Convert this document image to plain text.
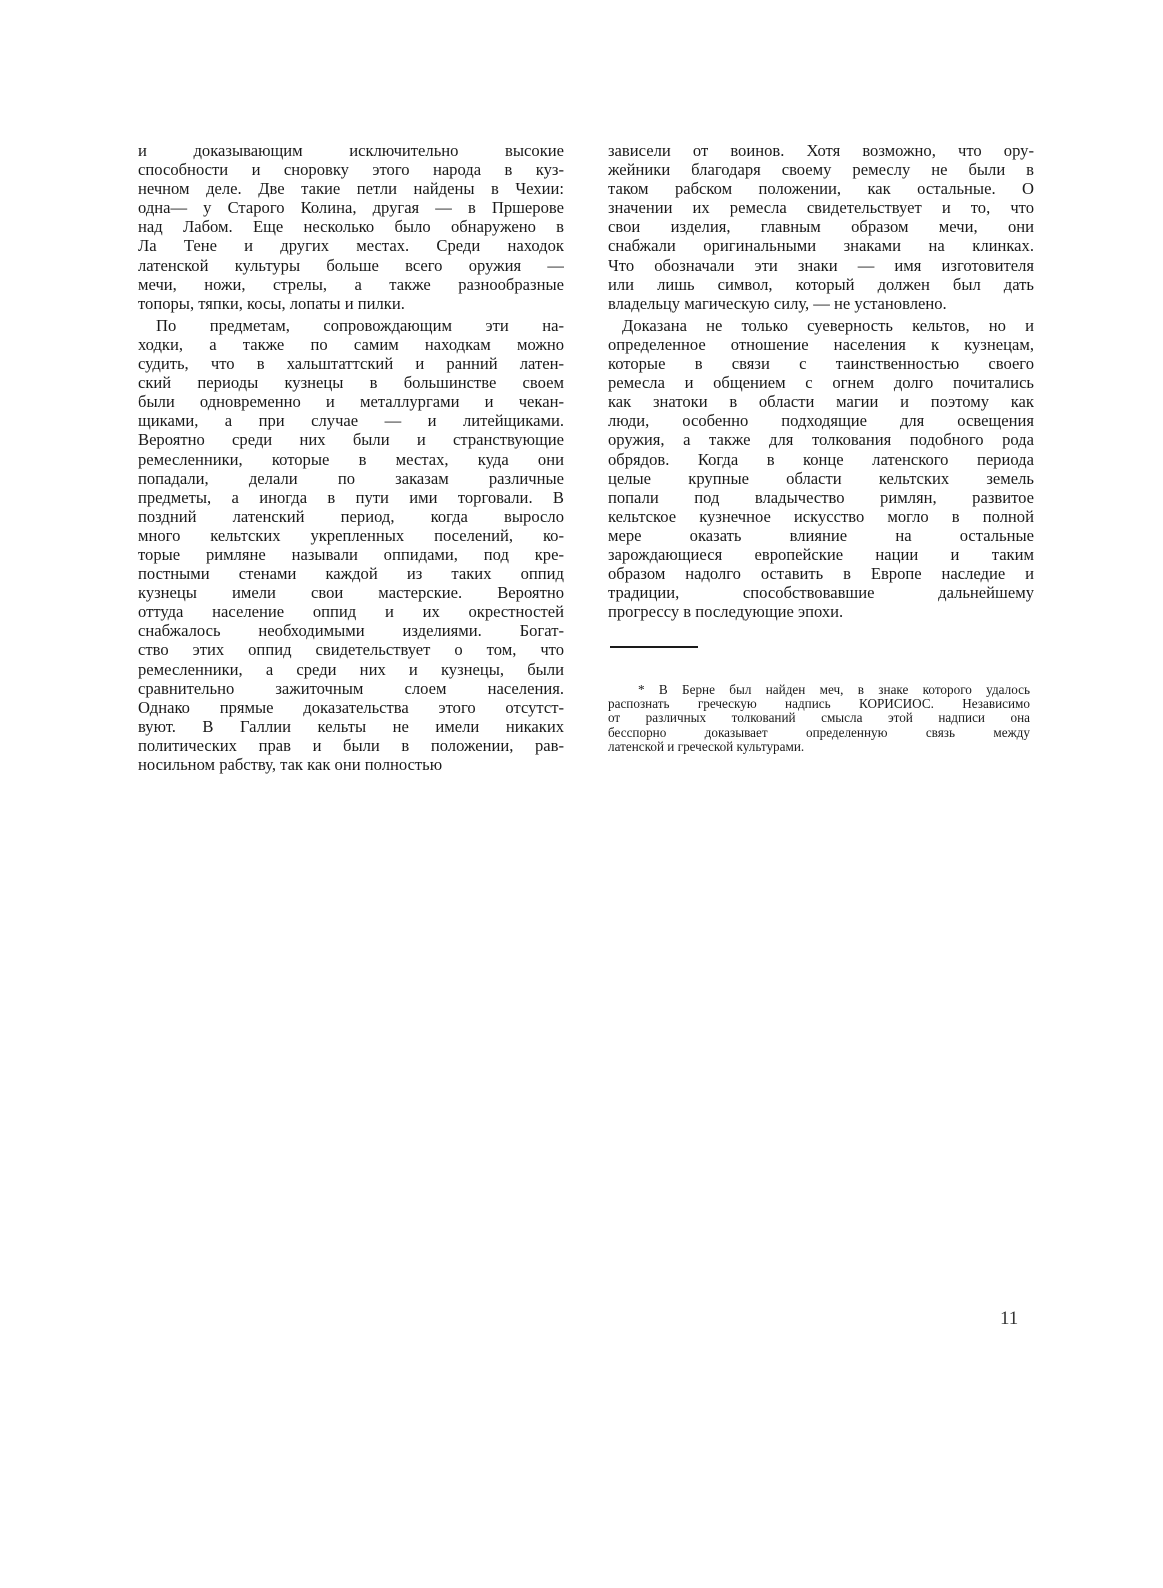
и доказывающим исключительно высокие
способности и сноровку этого народа в куз-
нечном деле. Две такие петли найдены в Чехии:
одна— у Старого Колина, другая — в Пршерове
над Лабом. Еще несколько было обнаружено в
Ла Тене и других местах. Среди находок
латенской культуры больше всего оружия —
мечи, ножи, стрелы, а также разнообразные
топоры, тяпки, косы, лопаты и пилки.
По предметам, сопровождающим эти на-
ходки, а также по самим находкам можно
судить, что в хальштаттский и ранний латен-
ский периоды кузнецы в большинстве своем
были одновременно и металлургами и чекан-
щиками, а при случае — и литейщиками.
Вероятно среди них были и странствующие
ремесленники, которые в местах, куда они
попадали, делали по заказам различные
предметы, а иногда в пути ими торговали. В
поздний латенский период, когда выросло
много кельтских укрепленных поселений, ко-
торые римляне называли оппидами, под кре-
постными стенами каждой из таких оппид
кузнецы имели свои мастерские. Вероятно
оттуда население оппид и их окрестностей
снабжалось необходимыми изделиями. Богат-
ство этих оппид свидетельствует о том, что
ремесленники, а среди них и кузнецы, были
сравнительно зажиточным слоем населения.
Однако прямые доказательства этого отсутст-
вуют. В Галлии кельты не имели никаких
политических прав и были в положении, рав-
носильном рабству, так как они полностью
зависели от воинов. Хотя возможно, что ору-
жейники благодаря своему ремеслу не были в
таком рабском положении, как остальные. О
значении их ремесла свидетельствует и то, что
свои изделия, главным образом мечи, они
снабжали оригинальными знаками на клинках.
Что обозначали эти знаки — имя изготовителя
или лишь символ, который должен был дать
владельцу магическую силу, — не установлено.
Доказана не только суеверность кельтов, но и
определенное отношение населения к кузнецам,
которые в связи с таинственностью своего
ремесла и общением с огнем долго почитались
как знатоки в области магии и поэтому как
люди, особенно подходящие для освещения
оружия, а также для толкования подобного рода
обрядов. Когда в конце латенского периода
целые крупные области кельтских земель
попали под владычество римлян, развитое
кельтское кузнечное искусство могло в полной
мере оказать влияние на остальные
зарождающиеся европейские нации и таким
образом надолго оставить в Европе наследие и
традиции, способствовавшие дальнейшему
прогрессу в последующие эпохи.
* В Берне был найден меч, в знаке которого удалось
распознать греческую надпись КОРИСИОС. Независимо
от различных толкований смысла этой надписи она
бесспорно доказывает определенную связь между
латенской и греческой культурами.
11
